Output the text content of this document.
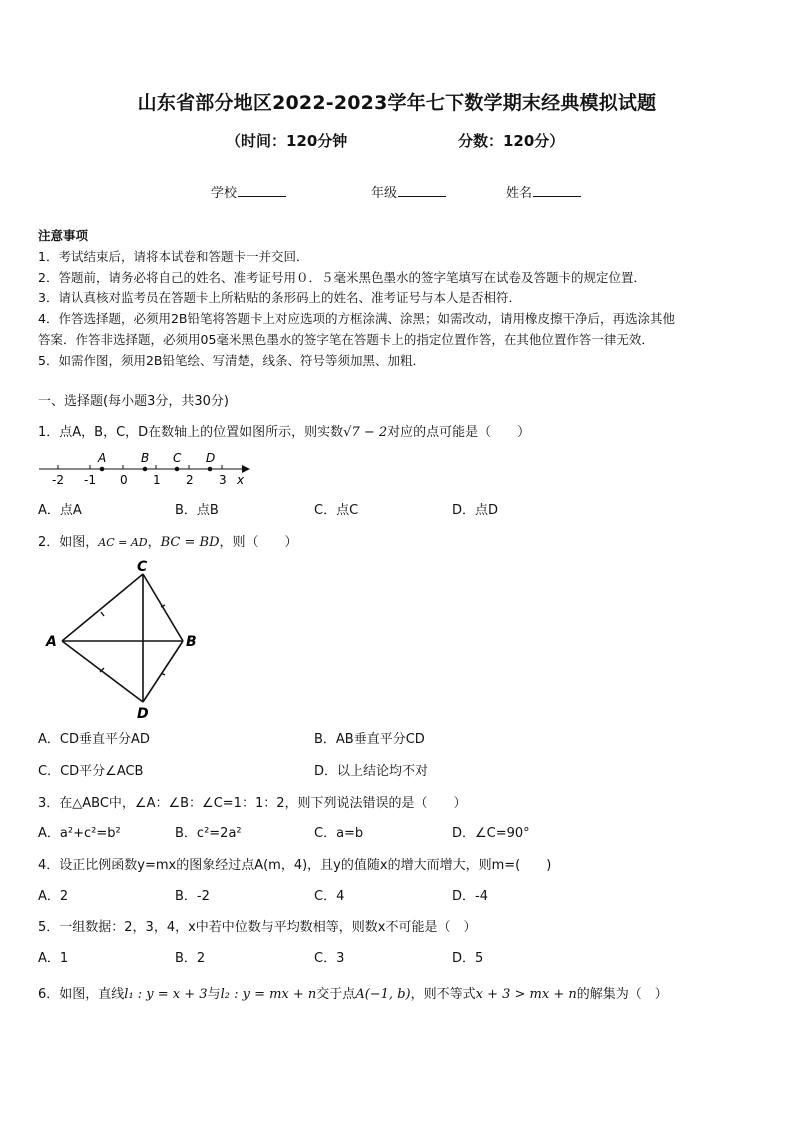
山东省部分地区2022-2023学年七下数学期末经典模拟试题
（时间：120分钟	分数：120分）
学校	年级	姓名

注意事项

1．考试结束后，请将本试卷和答题卡一并交回．

2．答题前，请务必将自己的姓名、准考证号用０．５毫米黑色墨水的签字笔填写在试卷及答题卡的规定位置．

3．请认真核对监考员在答题卡上所粘贴的条形码上的姓名、准考证号与本人是否相符．

4．作答选择题，必须用2B铅笔将答题卡上对应选项的方框涂满、涂黑；如需改动，请用橡皮擦干净后，再选涂其他

答案．作答非选择题，必须用05毫米黑色墨水的签字笔在答题卡上的指定位置作答，在其他位置作答一律无效．

5．如需作图，须用2B铅笔绘、写清楚，线条、符号等须加黑、加粗．

一、选择题(每小题3分，共30分)
1．点A，B，C，D在数轴上的位置如图所示，则实数√7 − 2对应的点可能是（　　）
-2 -1 0 1 2 3
A	B C D
x
A．点A	B．点B	C．点C	D．点D
2．如图，AC = AD，BC = BD，则（　　）
C
A	B
D
A．CD垂直平分AD	B．AB垂直平分CD
C．CD平分∠ACB	D．以上结论均不对
3．在△ABC中，∠A：∠B：∠C=1：1：2，则下列说法错误的是（　　）
A．a²+c²=b²	B．c²=2a²	C．a=b	D．∠C=90°
4．设正比例函数y=mx的图象经过点A(m，4)，且y的值随x的增大而增大，则m=(　　)
A．2	B．-2	C．4	D．-4
5．一组数据：2，3，4，x中若中位数与平均数相等，则数x不可能是（　）
A．1	B．2	C．3	D．5
6．如图，直线l₁ : y = x + 3与l₂ : y = mx + n交于点A(−1, b)，则不等式x + 3 > mx + n的解集为（　）
